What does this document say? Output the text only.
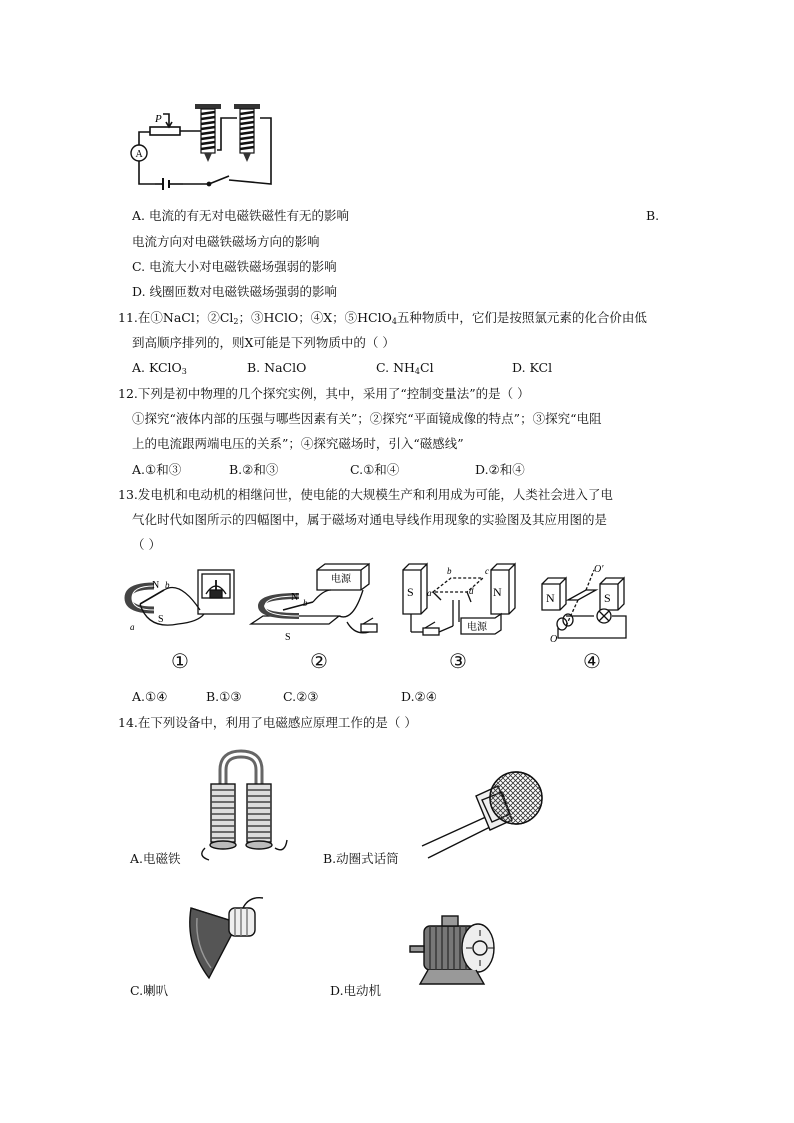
A
P
A. 电流的有无对电磁铁磁性有无的影响	B.
电流方向对电磁铁磁场方向的影响
C. 电流大小对电磁铁磁场强弱的影响
D. 线圈匝数对电磁铁磁场强弱的影响
11.在①NaCl；$②Cl_2$；③HClO；④X；⑤HClO$_4$五种物质中，它们是按照氯元素的化合价由低
到高顺序排列的，则X可能是下列物质中的（ ）
A. KClO$_3$	B. NaClO	C. $NH_4Cl$	D. KCl
12.下列是初中物理的几个探究实例，其中，采用了“控制变量法”的是（ ）
①探究“液体内部的压强与哪些因素有关”；②探究“平面镜成像的特点”；③探究“电阻
上的电流跟两端电压的关系”；④探究磁场时，引入“磁感线”
A.①和③	B.②和③	C.①和④	D.②和④
13.发电机和电动机的相继问世，使电能的大规模生产和利用成为可能，人类社会进入了电
气化时代如图所示的四幅图中，属于磁场对通电导线作用现象的实验图及其应用图的是
（ ）
N b
S
a
电源
N b
S
S	N
a
b	c
d
电源
N	S
O′
O
①	②	③	④
A.①④	B.①③	C.②③	D.②④
14.在下列设备中，利用了电磁感应原理工作的是（ ）
A.电磁铁	B.动圈式话筒
C.喇叭	D.电动机
